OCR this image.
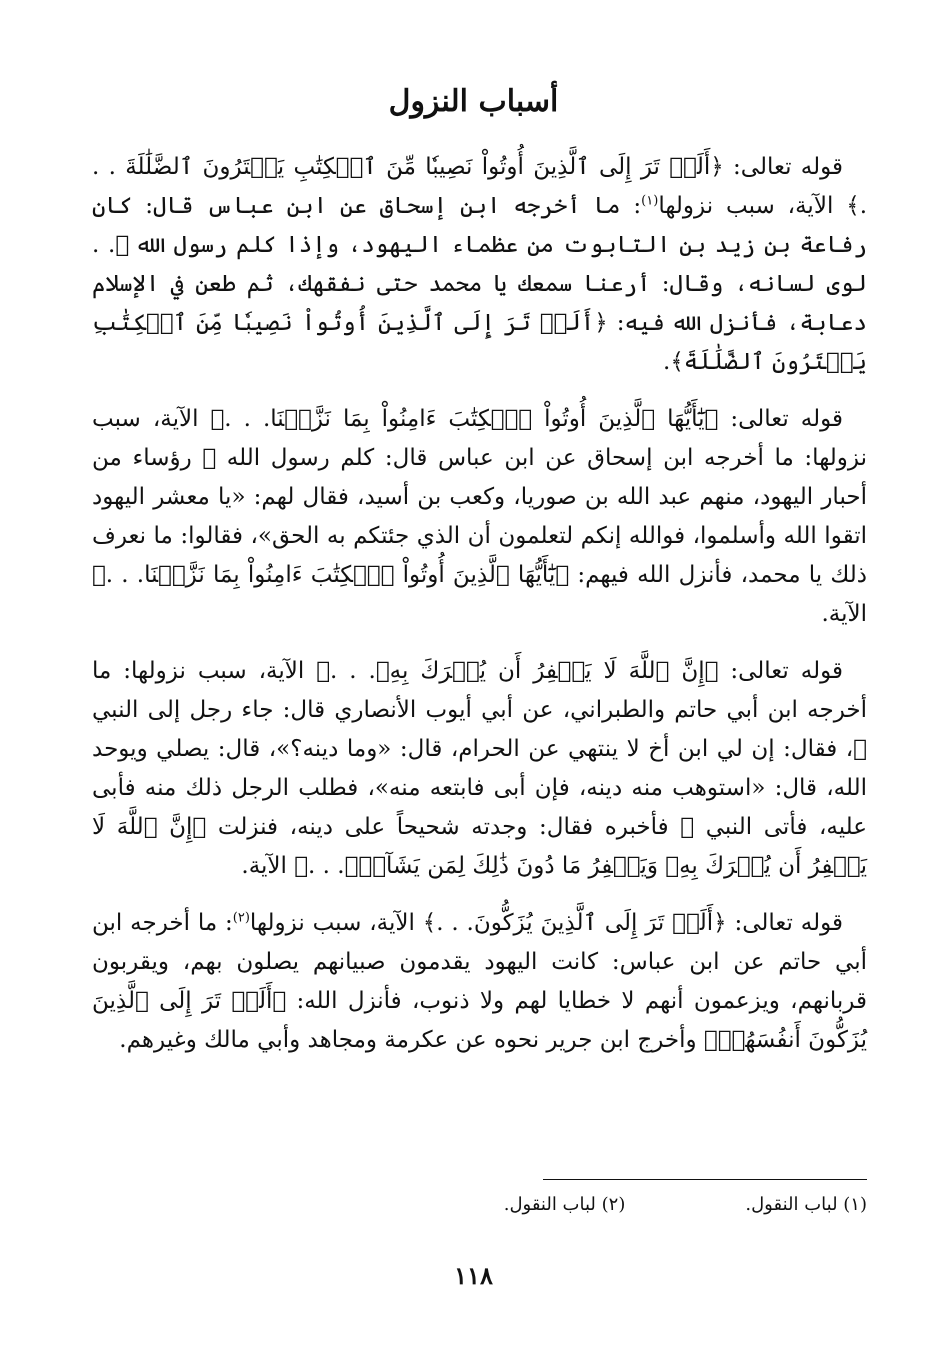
أسباب النزول

قوله تعالى: ﴿أَلَمۡ تَرَ إِلَى ٱلَّذِينَ أُوتُواْ نَصِيبٗا مِّنَ ٱلۡكِتَٰبِ يَشۡتَرُونَ ٱلضَّلَٰلَةَ . . .﴾ الآية، سبب نزولها$^{(١)}$: ما أخرجه ابن إسحاق عن ابن عباس قال: كان رفاعة بن زيد بن التابوت من عظماء اليهود، وإذا كلم رسول الله ﷺ. . لوى لسانه، وقال: أرعنا سمعك يا محمد حتى نفقهك، ثم طعن في الإسلام دعابة، فأنزل الله فيه: ﴿أَلَمۡ تَرَ إِلَى ٱلَّذِينَ أُوتُواْ نَصِيبٗا مِّنَ ٱلۡكِتَٰبِ يَشۡتَرُونَ ٱلضَّلَٰلَةَ﴾.

قوله تعالى: ﴿يَٰٓأَيُّهَا ٱلَّذِينَ أُوتُواْ ٱلۡكِتَٰبَ ءَامِنُواْ بِمَا نَزَّلۡنَا. . .﴾ الآية، سبب نزولها: ما أخرجه ابن إسحاق عن ابن عباس قال: كلم رسول الله ﷺ رؤساء من أحبار اليهود، منهم عبد الله بن صوريا، وكعب بن أسيد، فقال لهم: «يا معشر اليهود اتقوا الله وأسلموا، فوالله إنكم لتعلمون أن الذي جئتكم به الحق»، فقالوا: ما نعرف ذلك يا محمد، فأنزل الله فيهم: ﴿يَٰٓأَيُّهَا ٱلَّذِينَ أُوتُواْ ٱلۡكِتَٰبَ ءَامِنُواْ بِمَا نَزَّلۡنَا. . .﴾ الآية.

قوله تعالى: ﴿إِنَّ ٱللَّهَ لَا يَغۡفِرُ أَن يُشۡرَكَ بِهِۦ. . .﴾ الآية، سبب نزولها: ما أخرجه ابن أبي حاتم والطبراني، عن أبي أيوب الأنصاري قال: جاء رجل إلى النبي ﷺ، فقال: إن لي ابن أخ لا ينتهي عن الحرام، قال: «وما دينه؟»، قال: يصلي ويوحد الله، قال: «استوهب منه دينه، فإن أبى فابتعه منه»، فطلب الرجل ذلك منه فأبى عليه، فأتى النبي ﷺ فأخبره فقال: وجدته شحيحاً على دينه، فنزلت ﴿إِنَّ ٱللَّهَ لَا يَغۡفِرُ أَن يُشۡرَكَ بِهِۦ وَيَغۡفِرُ مَا دُونَ ذَٰلِكَ لِمَن يَشَآءُۚ. . .﴾ الآية.

قوله تعالى: ﴿أَلَمۡ تَرَ إِلَى ٱلَّذِينَ يُزَكُّونَ. . .﴾ الآية، سبب نزولها$^{(٢)}$: ما أخرجه ابن أبي حاتم عن ابن عباس: كانت اليهود يقدمون صبيانهم يصلون بهم، ويقربون قربانهم، ويزعمون أنهم لا خطايا لهم ولا ذنوب، فأنزل الله: ﴿أَلَمۡ تَرَ إِلَى ٱلَّذِينَ يُزَكُّونَ أَنفُسَهُمۚ﴾ وأخرج ابن جرير نحوه عن عكرمة ومجاهد وأبي مالك وغيرهم.

(١) لباب النقول.
(٢) لباب النقول.
١١٨
